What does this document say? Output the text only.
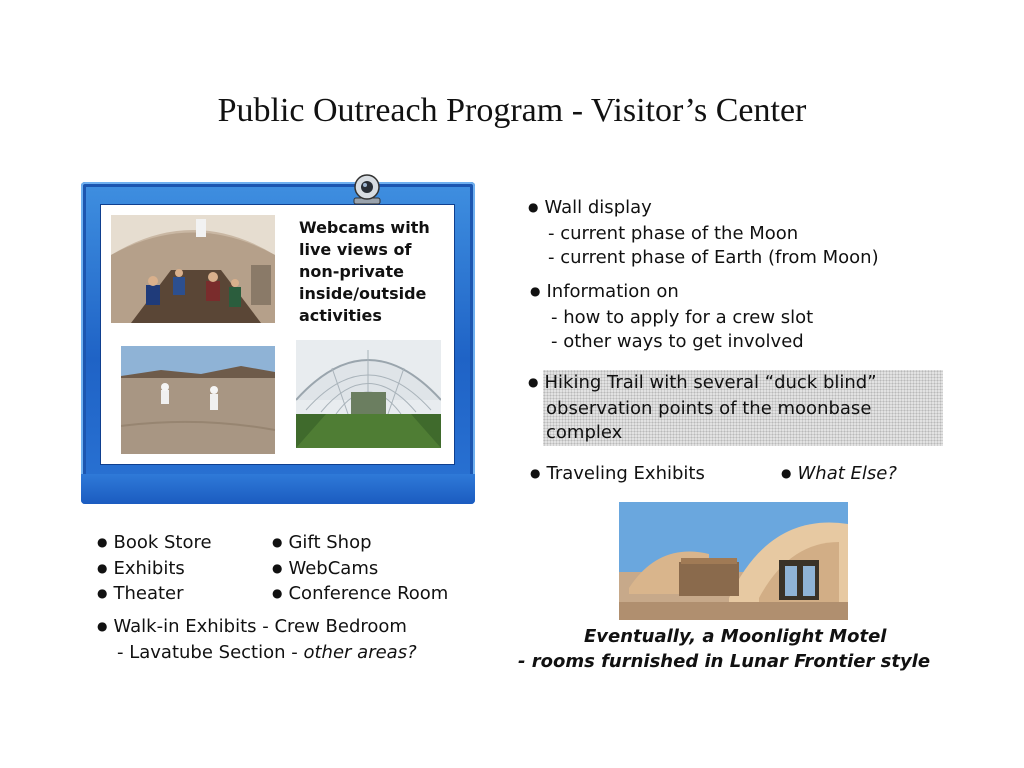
Public Outreach Program - Visitor’s Center
Webcams with
live views of
non-private
inside/outside
activities
● Wall display
- current phase of the Moon
- current phase of Earth (from Moon)
● Information on
- how to apply for a crew slot
- other ways to get involved
● Hiking Trail with several “duck blind”
observation points of the moonbase
complex
● Traveling Exhibits
●	What Else?
Eventually, a Moonlight Motel
- rooms furnished in Lunar Frontier style
● Book Store
● Exhibits
● Theater
● Gift Shop
● WebCams
● Conference Room
● Walk-in Exhibits - Crew Bedroom
- Lavatube Section - other areas?
